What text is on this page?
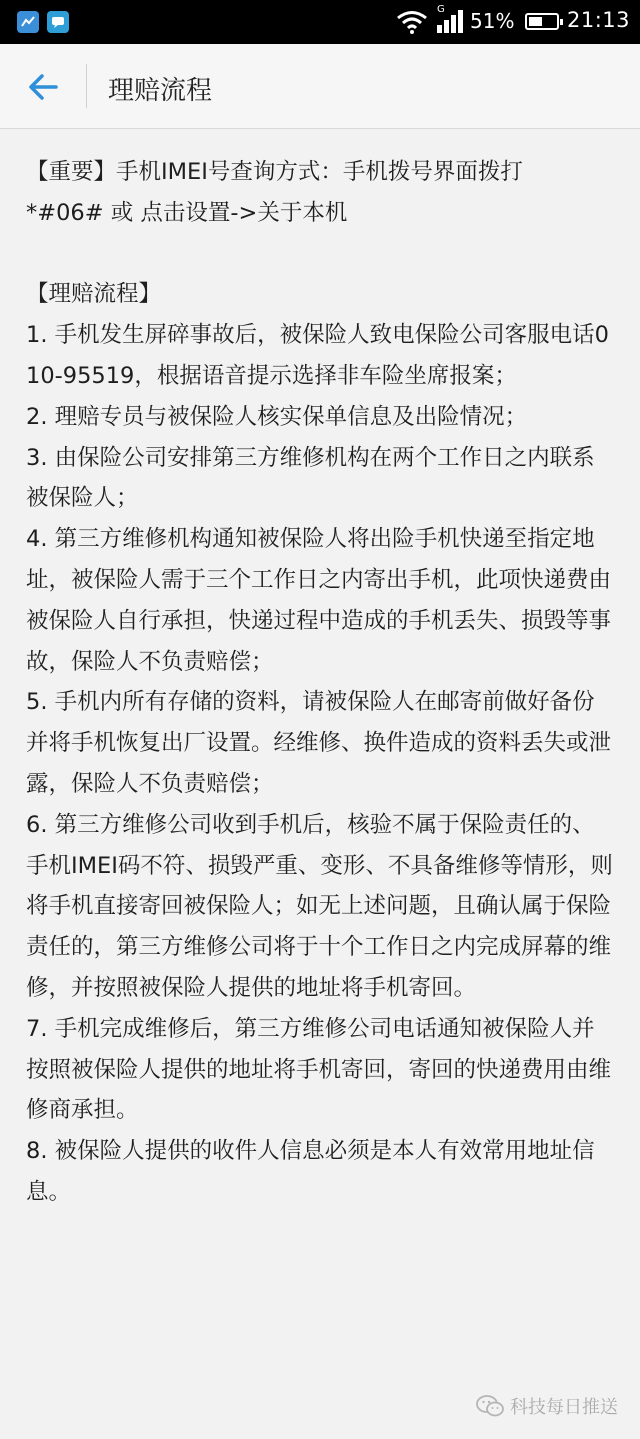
G 51%	21:13
理赔流程
【重要】手机IMEI号查询方式：手机拨号界面拨打
*#06# 或 点击设置->关于本机
【理赔流程】
1. 手机发生屏碎事故后，被保险人致电保险公司客服电话010-95519，根据语音提示选择非车险坐席报案；
2. 理赔专员与被保险人核实保单信息及出险情况；
3. 由保险公司安排第三方维修机构在两个工作日之内联系被保险人；
4. 第三方维修机构通知被保险人将出险手机快递至指定地址，被保险人需于三个工作日之内寄出手机，此项快递费由被保险人自行承担，快递过程中造成的手机丢失、损毁等事故，保险人不负责赔偿；
5. 手机内所有存储的资料，请被保险人在邮寄前做好备份并将手机恢复出厂设置。经维修、换件造成的资料丢失或泄露，保险人不负责赔偿；
6. 第三方维修公司收到手机后，核验不属于保险责任的、手机IMEI码不符、损毁严重、变形、不具备维修等情形，则将手机直接寄回被保险人；如无上述问题，且确认属于保险责任的，第三方维修公司将于十个工作日之内完成屏幕的维修，并按照被保险人提供的地址将手机寄回。
7. 手机完成维修后，第三方维修公司电话通知被保险人并按照被保险人提供的地址将手机寄回，寄回的快递费用由维修商承担。
8. 被保险人提供的收件人信息必须是本人有效常用地址信息。
科技每日推送
